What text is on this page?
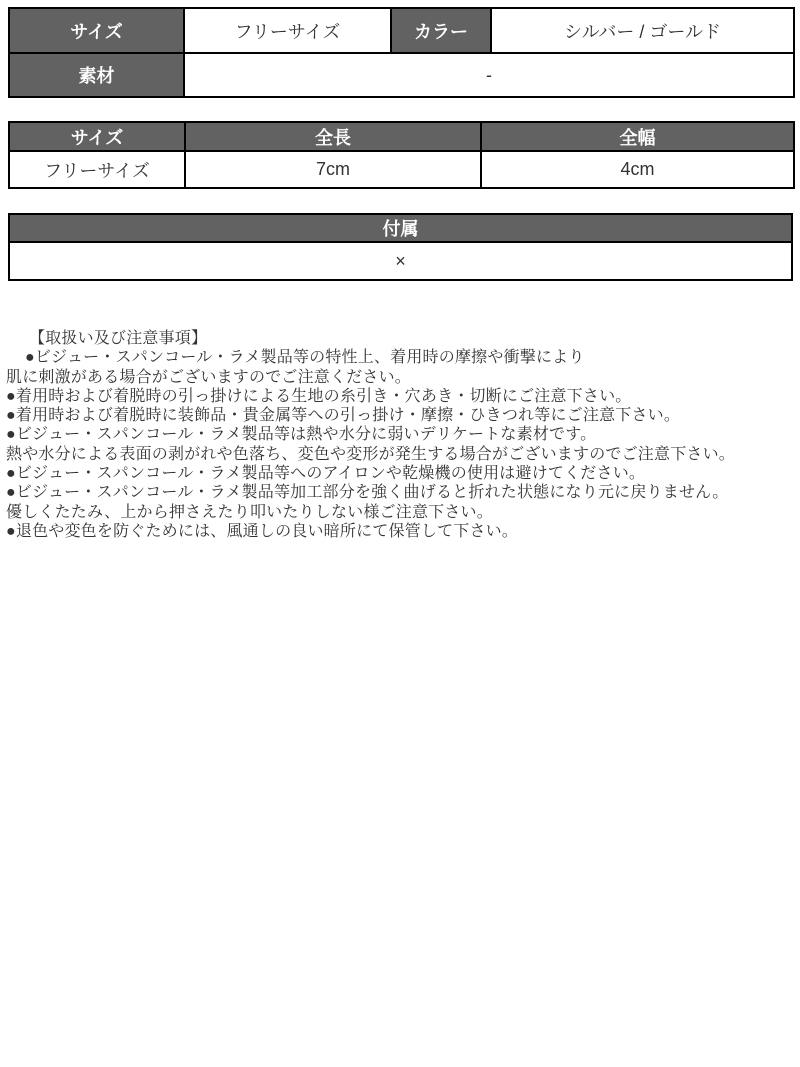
サイズ	フリーサイズ	カラー	シルバー / ゴールド
素材	-		
サイズ	全長	全幅
フリーサイズ	7cm	4cm
付属
×
【取扱い及び注意事項】
●ビジュー・スパンコール・ラメ製品等の特性上、着用時の摩擦や衝撃により
肌に刺激がある場合がございますのでご注意ください。
●着用時および着脱時の引っ掛けによる生地の糸引き・穴あき・切断にご注意下さい。
●着用時および着脱時に装飾品・貴金属等への引っ掛け・摩擦・ひきつれ等にご注意下さい。
●ビジュー・スパンコール・ラメ製品等は熱や水分に弱いデリケートな素材です。
熱や水分による表面の剥がれや色落ち、変色や変形が発生する場合がございますのでご注意下さい。
●ビジュー・スパンコール・ラメ製品等へのアイロンや乾燥機の使用は避けてください。
●ビジュー・スパンコール・ラメ製品等加工部分を強く曲げると折れた状態になり元に戻りません。
優しくたたみ、上から押さえたり叩いたりしない様ご注意下さい。
●退色や変色を防ぐためには、風通しの良い暗所にて保管して下さい。
